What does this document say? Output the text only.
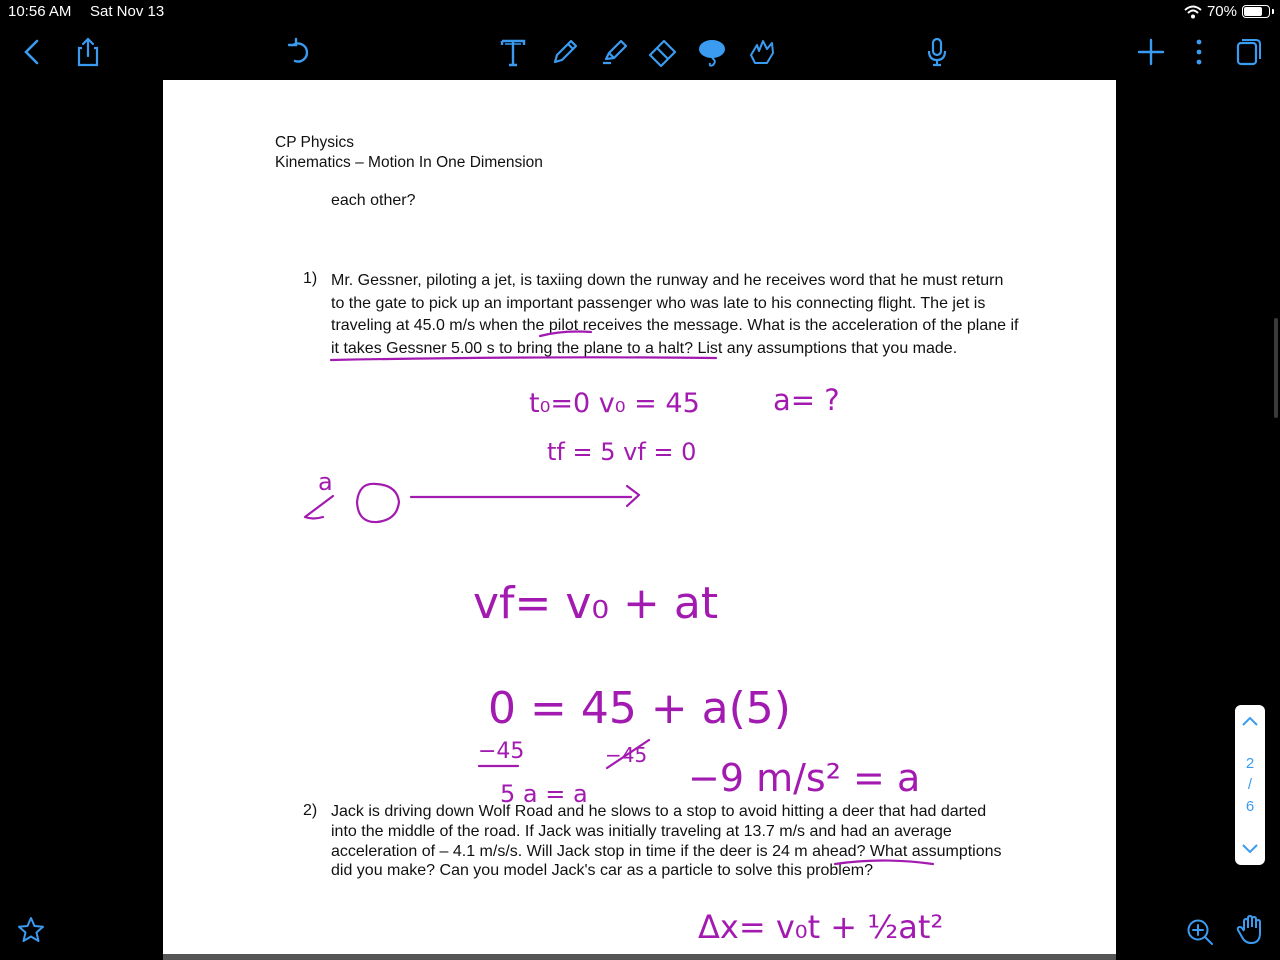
10:56 AM Sat Nov 13	70%
CP Physics
Kinematics – Motion In One Dimension
each other?
1) Mr. Gessner, piloting a jet, is taxiing down the runway and he receives word that he must return to the gate to pick up an important passenger who was late to his connecting flight. The jet is traveling at 45.0 m/s when the pilot receives the message. What is the acceleration of the plane if it takes Gessner 5.00 s to bring the plane to a halt? List any assumptions that you made.
2) Jack is driving down Wolf Road and he slows to a stop to avoid hitting a deer that had darted into the middle of the road. If Jack was initially traveling at 13.7 m/s and had an average acceleration of – 4.1 m/s/s. Will Jack stop in time if the deer is 24 m ahead? What assumptions did you make? Can you model Jack's car as a particle to solve this problem?
t₀=0 v₀ = 45	a= ?
tf = 5 vf = 0
a
vf= v₀ + at
0 = 45 + a(5)
−45
5 a = a
−45
−9 m/s² = a
Δx= v₀t + ½at²
2
/
6
